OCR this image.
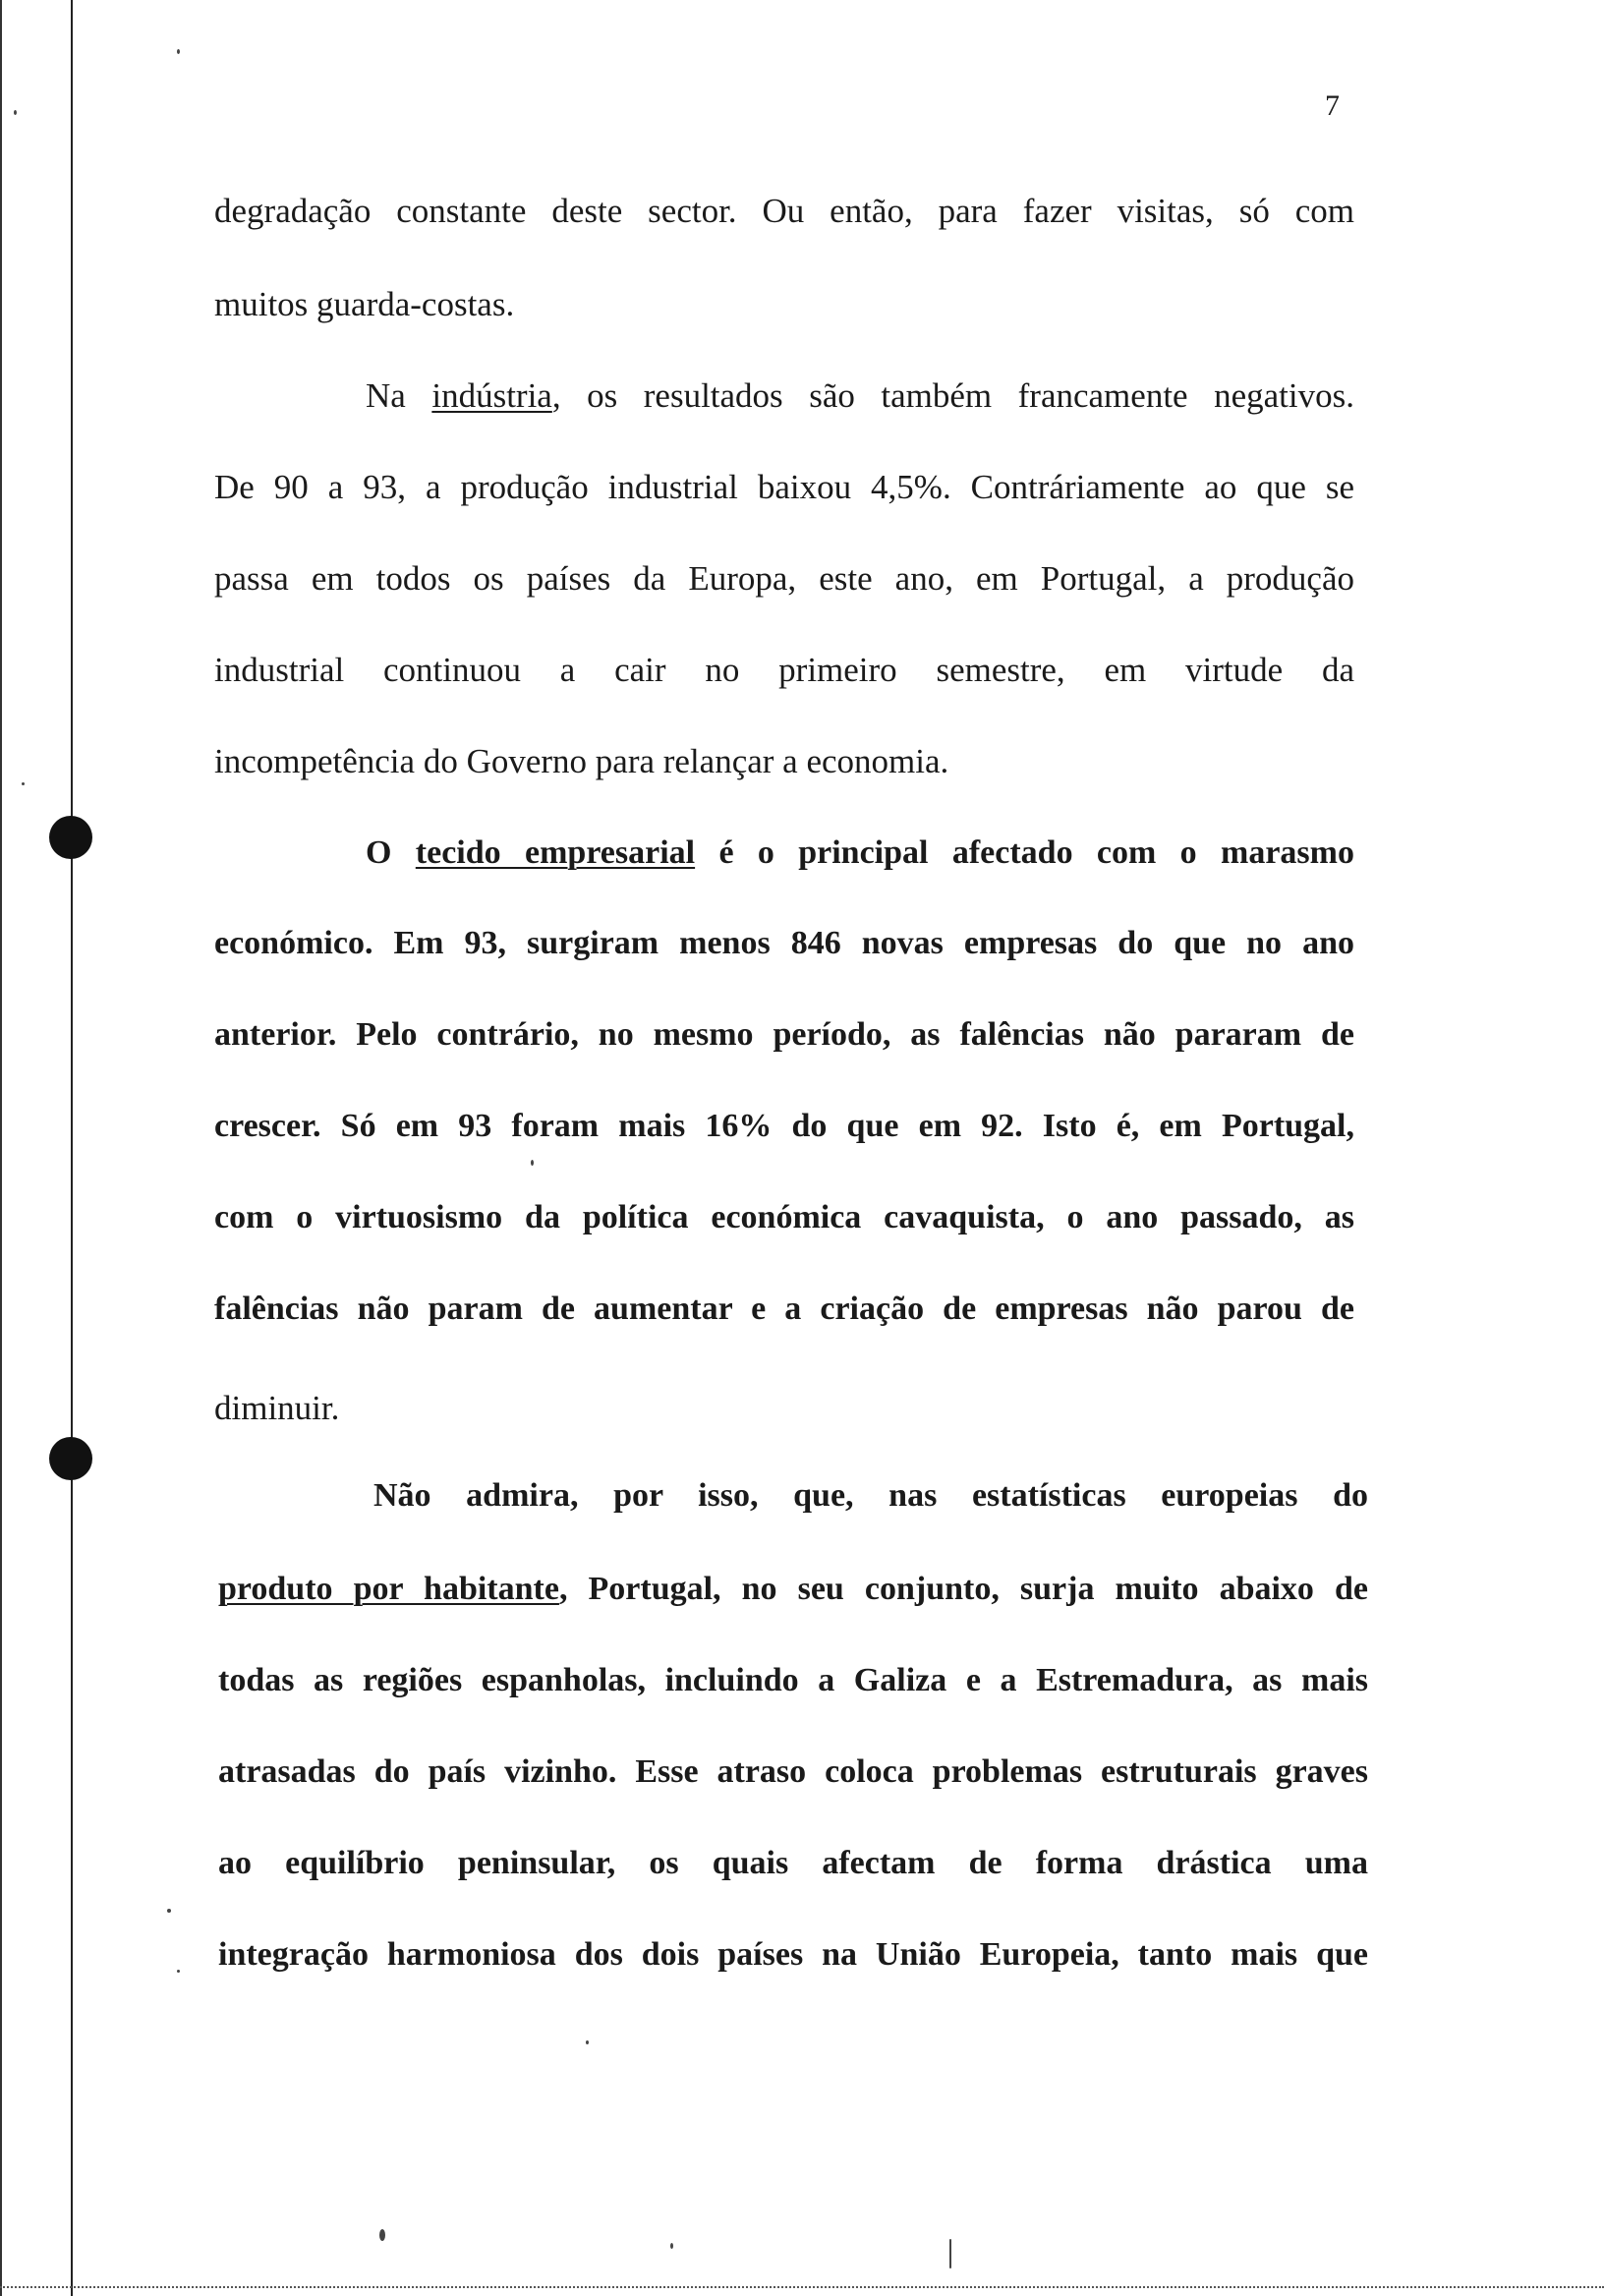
7
degradação constante deste sector. Ou então, para fazer visitas, só com
muitos guarda-costas.
Na indústria, os resultados são também francamente negativos.
De 90 a 93, a produção industrial baixou 4,5%. Contráriamente ao que se
passa em todos os países da Europa, este ano, em Portugal, a produção
industrial continuou a cair no primeiro semestre, em virtude da
incompetência do Governo para relançar a economia.
O tecido empresarial é o principal afectado com o marasmo
económico. Em 93, surgiram menos 846 novas empresas do que no ano
anterior. Pelo contrário, no mesmo período, as falências não pararam de
crescer. Só em 93 foram mais 16% do que em 92. Isto é, em Portugal,
com o virtuosismo da política económica cavaquista, o ano passado, as
falências não param de aumentar e a criação de empresas não parou de
diminuir.
Não admira, por isso, que, nas estatísticas europeias do
produto por habitante, Portugal, no seu conjunto, surja muito abaixo de
todas as regiões espanholas, incluindo a Galiza e a Estremadura, as mais
atrasadas do país vizinho. Esse atraso coloca problemas estruturais graves
ao equilíbrio peninsular, os quais afectam de forma drástica uma
integração harmoniosa dos dois países na União Europeia, tanto mais que
